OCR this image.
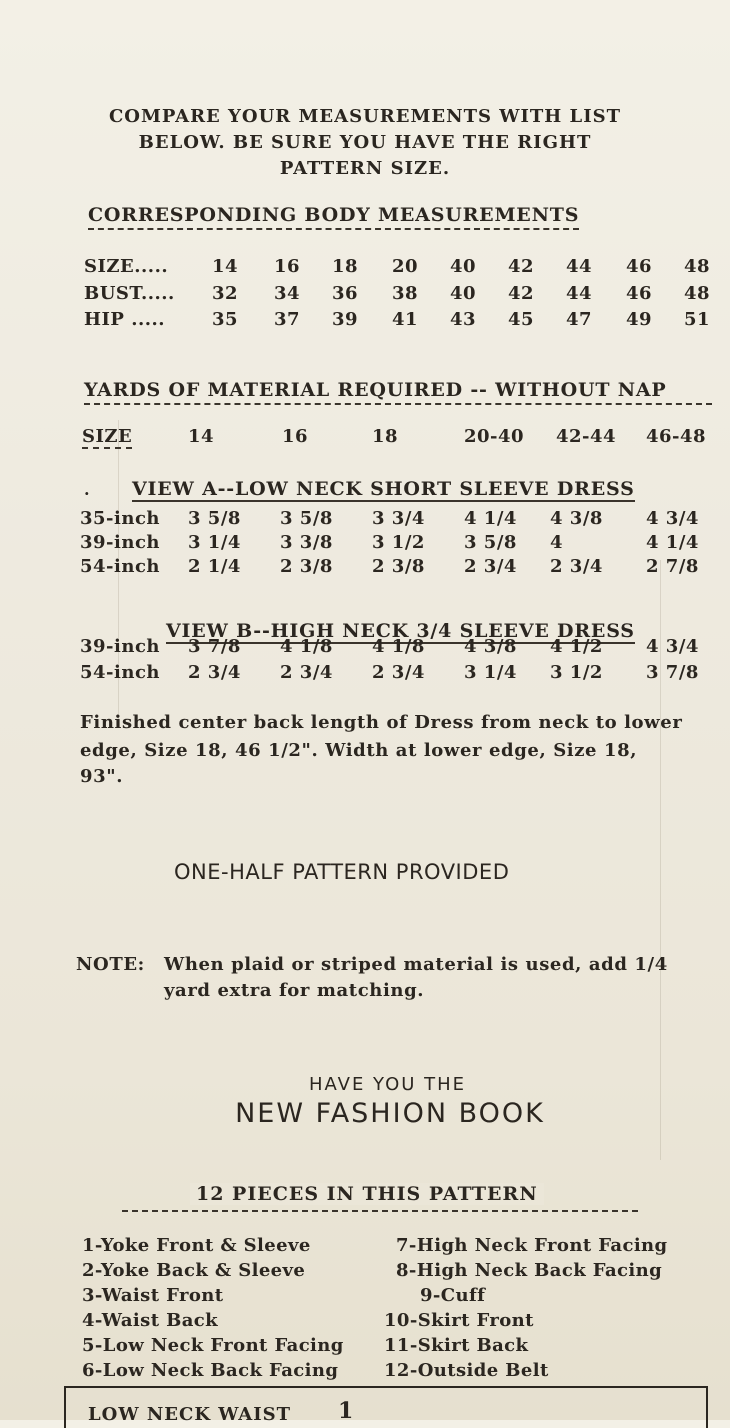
COMPARE YOUR MEASUREMENTS WITH LIST
BELOW. BE SURE YOU HAVE THE RIGHT
PATTERN SIZE.
CORRESPONDING BODY MEASUREMENTS
SIZE..... 14 16 18 20 40 42 44 46 48
BUST..... 32 34 36 38 40 42 44 46 48
HIP .....	35 37 39 41 43 45 47 49 51
YARDS OF MATERIAL REQUIRED -- WITHOUT NAP
SIZE	14	16	18	20-40 42-44 46-48
· VIEW A--LOW NECK SHORT SLEEVE DRESS
35-inch 3 5/8 3 5/8 3 3/4 4 1/4 4 3/8 4 3/4
39-inch 3 1/4 3 3/8 3 1/2 3 5/8 4	4 1/4
54-inch 2 1/4 2 3/8 2 3/8 2 3/4 2 3/4 2 7/8
VIEW B--HIGH NECK 3/4 SLEEVE DRESS
39-inch 3 7/8 4 1/8 4 1/8 4 3/8 4 1/2 4 3/4
54-inch 2 3/4 2 3/4 2 3/4 3 1/4 3 1/2 3 7/8
Finished center back length of Dress from neck to lower
edge, Size 18, 46 1/2". Width at lower edge, Size 18,
93".
ONE-HALF PATTERN PROVIDED
NOTE: When plaid or striped material is used, add 1/4
yard extra for matching.
HAVE YOU THE
NEW FASHION BOOK
12 PIECES IN THIS PATTERN
1-Yoke Front & Sleeve
2-Yoke Back & Sleeve
3-Waist Front
4-Waist Back
5-Low Neck Front Facing
6-Low Neck Back Facing
7-High Neck Front Facing
8-High Neck Back Facing
9-Cuff
10-Skirt Front
11-Skirt Back
12-Outside Belt
LOW NECK WAIST 1
